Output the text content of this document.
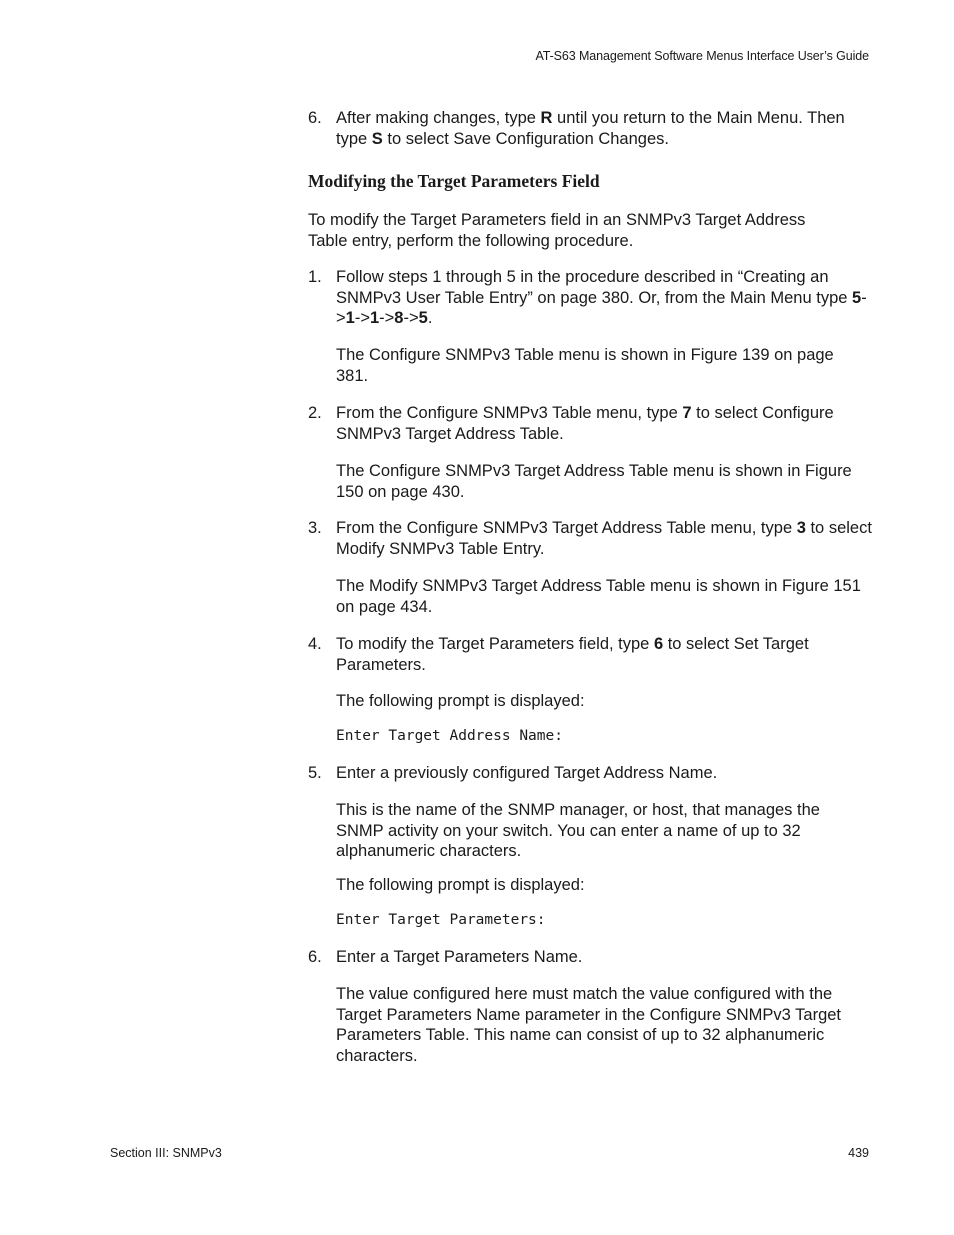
AT-S63 Management Software Menus Interface User’s Guide
6. After making changes, type R until you return to the Main Menu. Then type S to select Save Configuration Changes.
Modifying the Target Parameters Field
To modify the Target Parameters field in an SNMPv3 Target Address Table entry, perform the following procedure.
1. Follow steps 1 through 5 in the procedure described in “Creating an SNMPv3 User Table Entry” on page 380. Or, from the Main Menu type 5->1->1->8->5.
The Configure SNMPv3 Table menu is shown in Figure 139 on page 381.
2. From the Configure SNMPv3 Table menu, type 7 to select Configure SNMPv3 Target Address Table.
The Configure SNMPv3 Target Address Table menu is shown in Figure 150 on page 430.
3. From the Configure SNMPv3 Target Address Table menu, type 3 to select Modify SNMPv3 Table Entry.
The Modify SNMPv3 Target Address Table menu is shown in Figure 151 on page 434.
4. To modify the Target Parameters field, type 6 to select Set Target Parameters.
The following prompt is displayed:
Enter Target Address Name:
5. Enter a previously configured Target Address Name.
This is the name of the SNMP manager, or host, that manages the SNMP activity on your switch. You can enter a name of up to 32 alphanumeric characters.
The following prompt is displayed:
Enter Target Parameters:
6. Enter a Target Parameters Name.
The value configured here must match the value configured with the Target Parameters Name parameter in the Configure SNMPv3 Target Parameters Table. This name can consist of up to 32 alphanumeric characters.
Section III: SNMPv3	439
